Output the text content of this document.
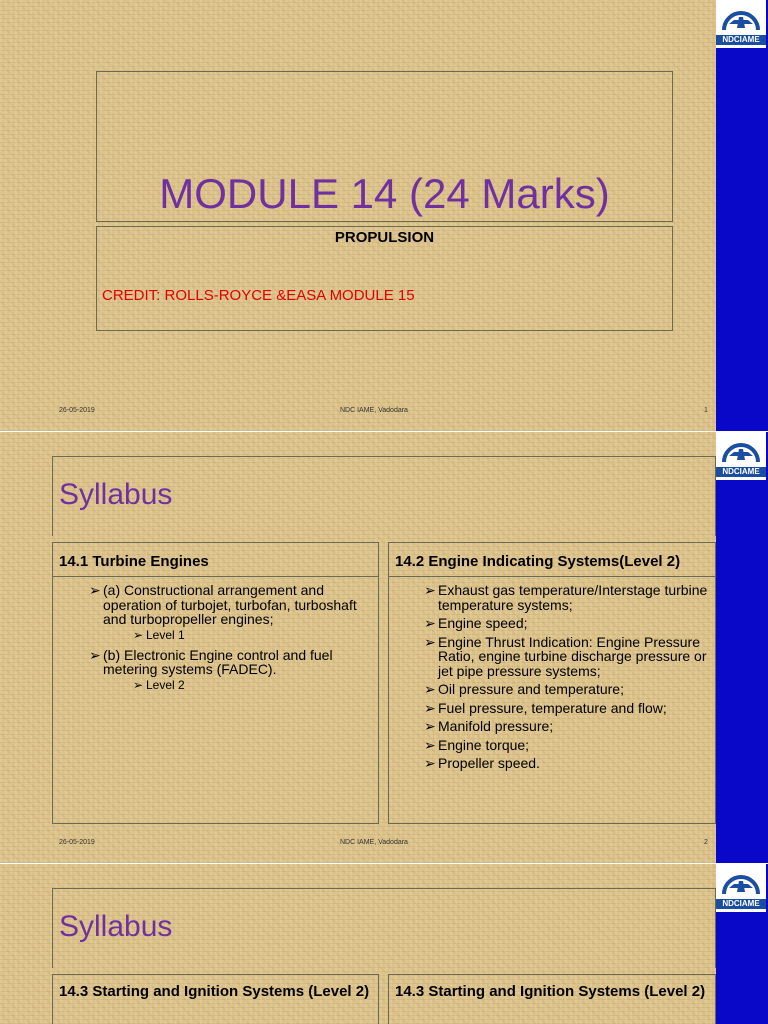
NDCIAME
MODULE 14 (24 Marks)
PROPULSION
CREDIT: ROLLS-ROYCE &EASA MODULE 15
26-05-2019	NDC IAME, Vadodara	1
NDCIAME
Syllabus
14.1 Turbine Engines
➢ (a) Constructional arrangement and operation of turbojet, turbofan, turboshaft and turbopropeller engines;
➢ Level 1
➢ (b) Electronic Engine control and fuel metering systems (FADEC).
➢ Level 2
14.2 Engine Indicating Systems(Level 2)
➢ Exhaust gas temperature/Interstage turbine temperature systems;
➢ Engine speed;
➢ Engine Thrust Indication: Engine Pressure Ratio, engine turbine discharge pressure or jet pipe pressure systems;
➢ Oil pressure and temperature;
➢ Fuel pressure, temperature and flow;
➢ Manifold pressure;
➢ Engine torque;
➢ Propeller speed.
26-05-2019	NDC IAME, Vadodara	2
NDCIAME
Syllabus
14.3 Starting and Ignition Systems (Level 2)	14.3 Starting and Ignition Systems (Level 2)
